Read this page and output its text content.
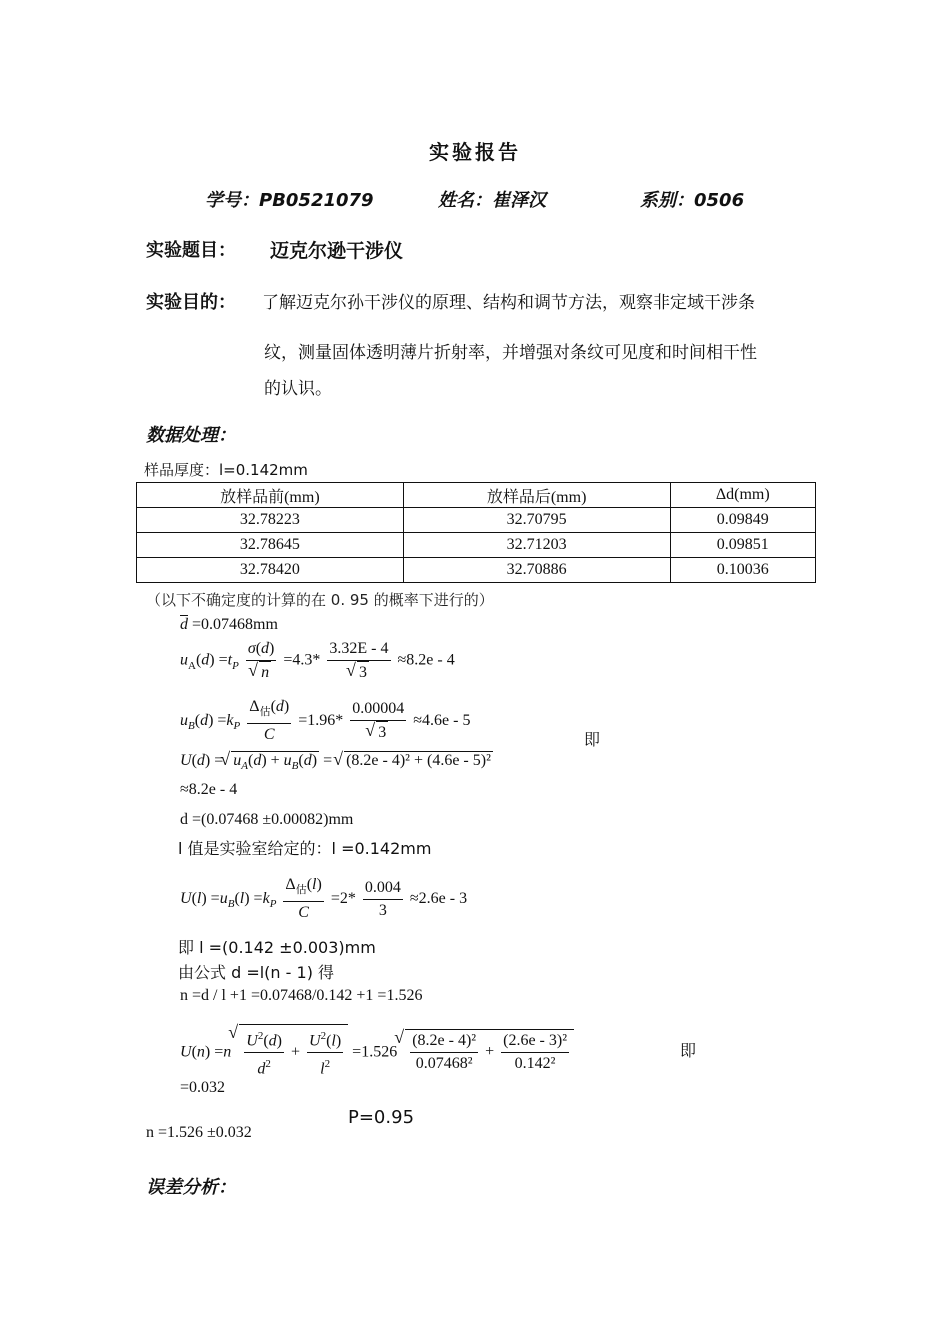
实验报告
学号：PB0521079	姓名：崔泽汉	系别：0506
实验题目： 迈克尔逊干涉仪
实验目的： 了解迈克尔孙干涉仪的原理、结构和调节方法，观察非定域干涉条
纹，测量固体透明薄片折射率，并增强对条纹可见度和时间相干性
的认识。
数据处理：
样品厚度：l=0.142mm
放样品前(mm)	放样品后(mm)	Δd(mm)
32.78223	32.70795	0.09849
32.78645	32.71203	0.09851
32.78420	32.70886	0.10036
（以下不确定度的计算的在 0. 95 的概率下进行的）
$\overline{d} =0.07468mm$
$u_A(d) =t_P$ σ(d)
√ n =4.3* 3.32E - 4
√ 3 ≈8.2e - 4
$u_B(d) =k_P \frac{\Delta_估(d)}{C} =1.96*$ 0.00004
√ 3 ≈4.6e - 5
即
U(d) = √ $u_A(d) + u_B(d)$ = √ (8.2e - 4)² + (4.6e - 5)²
≈8.2e - 4
d =(0.07468 ±0.00082)mm
l 值是实验室给定的：l =0.142mm
$U(l) =u_B(l) =k_P \frac{\Delta_估(l)}{C} =2* \frac{0.004}{3} \approx 2.6e - 3$
即 l =(0.142 ±0.003)mm
由公式 d =l(n - 1) 得
n =d / l +1 =0.07468/0.142 +1 =1.526
U(n) =n √ $\frac{U^2(d)}{d^2} + \frac{U^2(l)}{l^2} =1.526$ √ $\frac{\text{(8.2e - 4)²}}{\text{0.07468²}} + \frac{\text{(2.6e - 3)²}}{\text{0.142²}}$	即
=0.032
n =1.526 ±0.032
P=0.95
误差分析：
